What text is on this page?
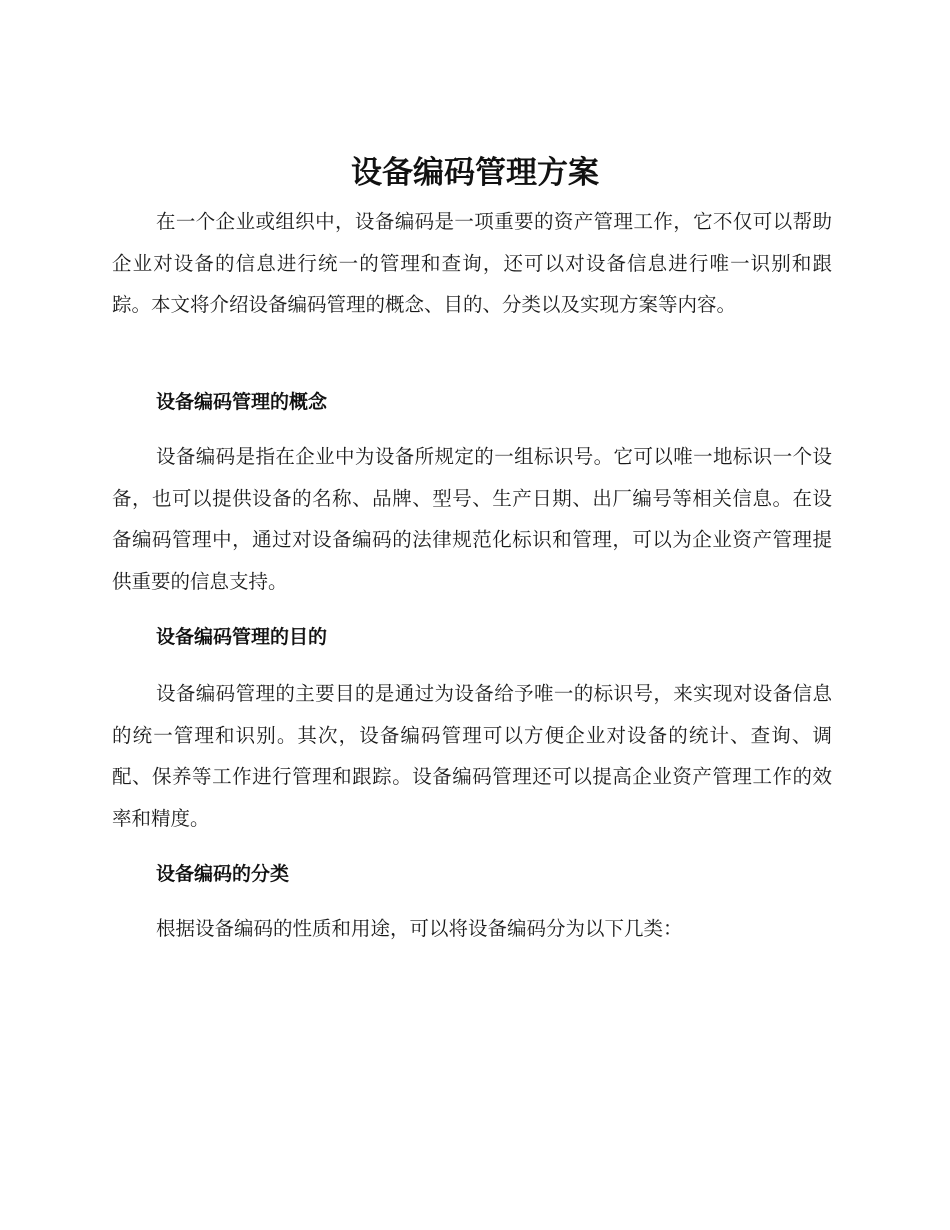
设备编码管理方案

在一个企业或组织中，设备编码是一项重要的资产管理工作，它不仅可以帮助企业对设备的信息进行统一的管理和查询，还可以对设备信息进行唯一识别和跟踪。本文将介绍设备编码管理的概念、目的、分类以及实现方案等内容。

设备编码管理的概念

设备编码是指在企业中为设备所规定的一组标识号。它可以唯一地标识一个设备，也可以提供设备的名称、品牌、型号、生产日期、出厂编号等相关信息。在设备编码管理中，通过对设备编码的法律规范化标识和管理，可以为企业资产管理提供重要的信息支持。

设备编码管理的目的

设备编码管理的主要目的是通过为设备给予唯一的标识号，来实现对设备信息的统一管理和识别。其次，设备编码管理可以方便企业对设备的统计、查询、调配、保养等工作进行管理和跟踪。设备编码管理还可以提高企业资产管理工作的效率和精度。

设备编码的分类

根据设备编码的性质和用途，可以将设备编码分为以下几类：
